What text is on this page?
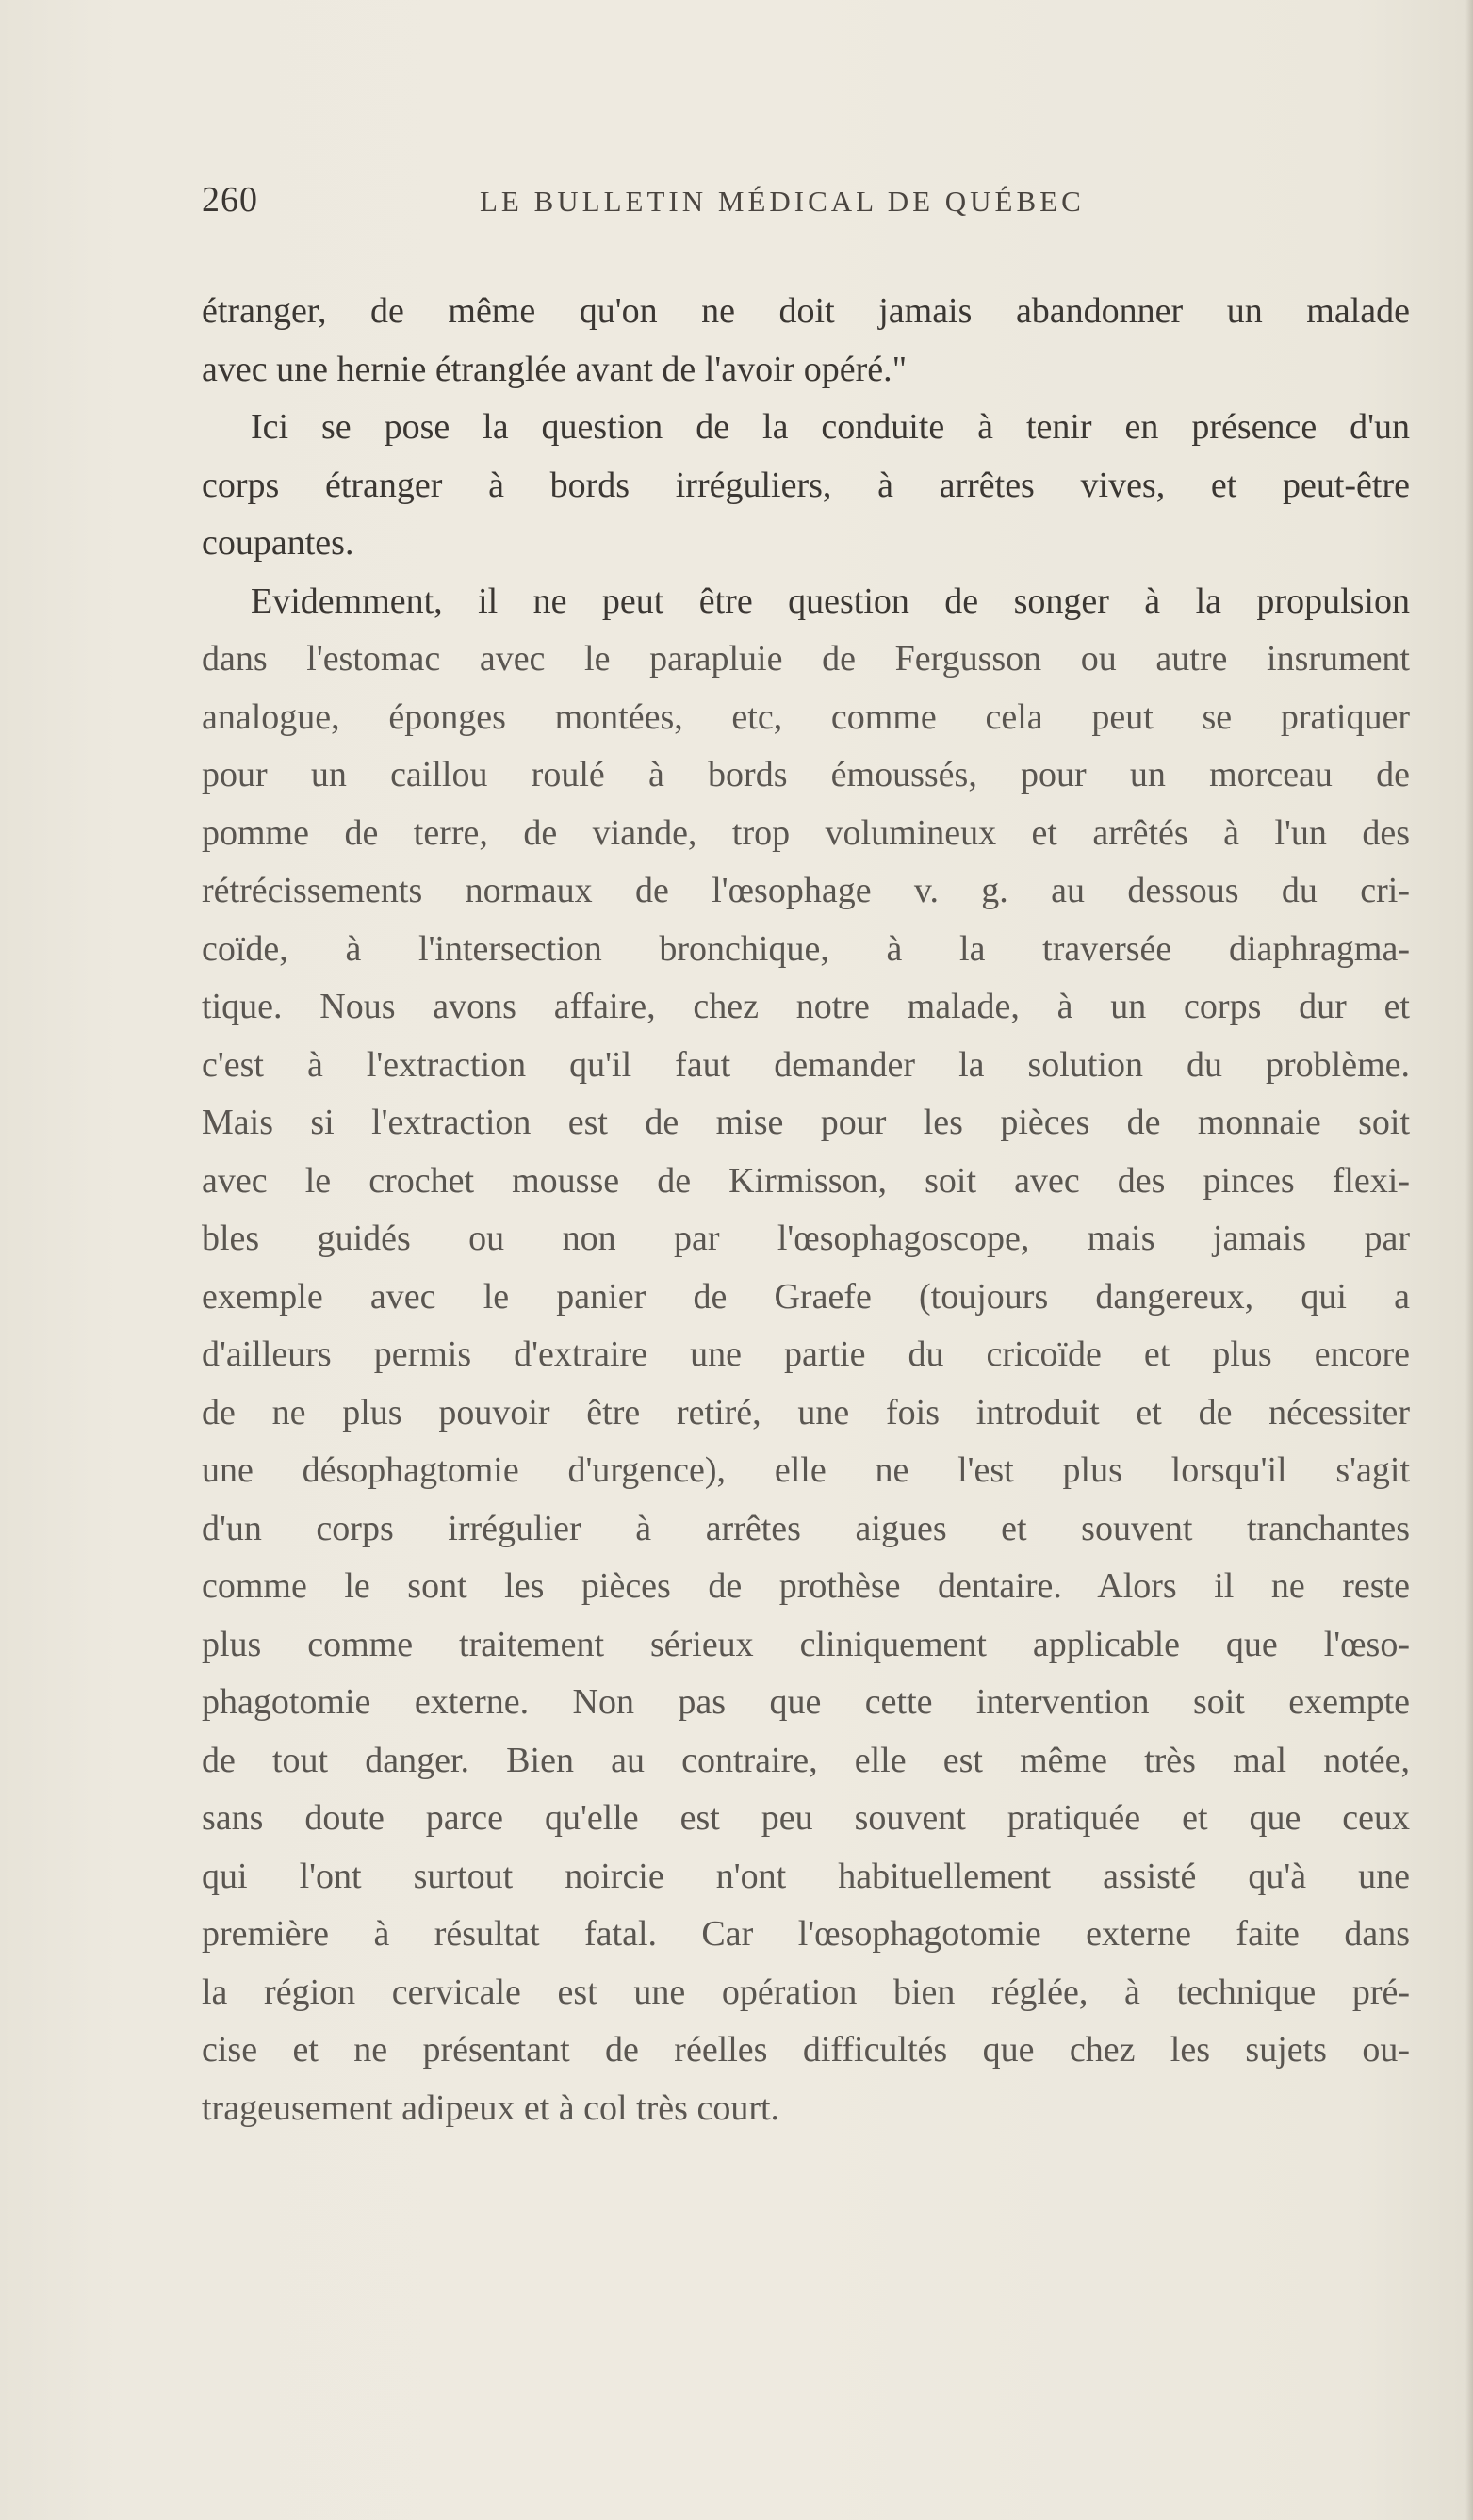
260	LE BULLETIN MÉDICAL DE QUÉBEC
étranger, de même qu'on ne doit jamais abandonner un malade
avec une hernie étranglée avant de l'avoir opéré."
Ici se pose la question de la conduite à tenir en présence d'un
corps étranger à bords irréguliers, à arrêtes vives, et peut-être
coupantes.
Evidemment, il ne peut être question de songer à la propulsion
dans l'estomac avec le parapluie de Fergusson ou autre insrument
analogue, éponges montées, etc, comme cela peut se pratiquer
pour un caillou roulé à bords émoussés, pour un morceau de
pomme de terre, de viande, trop volumineux et arrêtés à l'un des
rétrécissements normaux de l'œsophage v. g. au dessous du cri-
coïde, à l'intersection bronchique, à la traversée diaphragma-
tique. Nous avons affaire, chez notre malade, à un corps dur et
c'est à l'extraction qu'il faut demander la solution du problème.
Mais si l'extraction est de mise pour les pièces de monnaie soit
avec le crochet mousse de Kirmisson, soit avec des pinces flexi-
bles guidés ou non par l'œsophagoscope, mais jamais par
exemple avec le panier de Graefe (toujours dangereux, qui a
d'ailleurs permis d'extraire une partie du cricoïde et plus encore
de ne plus pouvoir être retiré, une fois introduit et de nécessiter
une désophagtomie d'urgence), elle ne l'est plus lorsqu'il s'agit
d'un corps irrégulier à arrêtes aigues et souvent tranchantes
comme le sont les pièces de prothèse dentaire. Alors il ne reste
plus comme traitement sérieux cliniquement applicable que l'œso-
phagotomie externe. Non pas que cette intervention soit exempte
de tout danger. Bien au contraire, elle est même très mal notée,
sans doute parce qu'elle est peu souvent pratiquée et que ceux
qui l'ont surtout noircie n'ont habituellement assisté qu'à une
première à résultat fatal. Car l'œsophagotomie externe faite dans
la région cervicale est une opération bien réglée, à technique pré-
cise et ne présentant de réelles difficultés que chez les sujets ou-
trageusement adipeux et à col très court.
